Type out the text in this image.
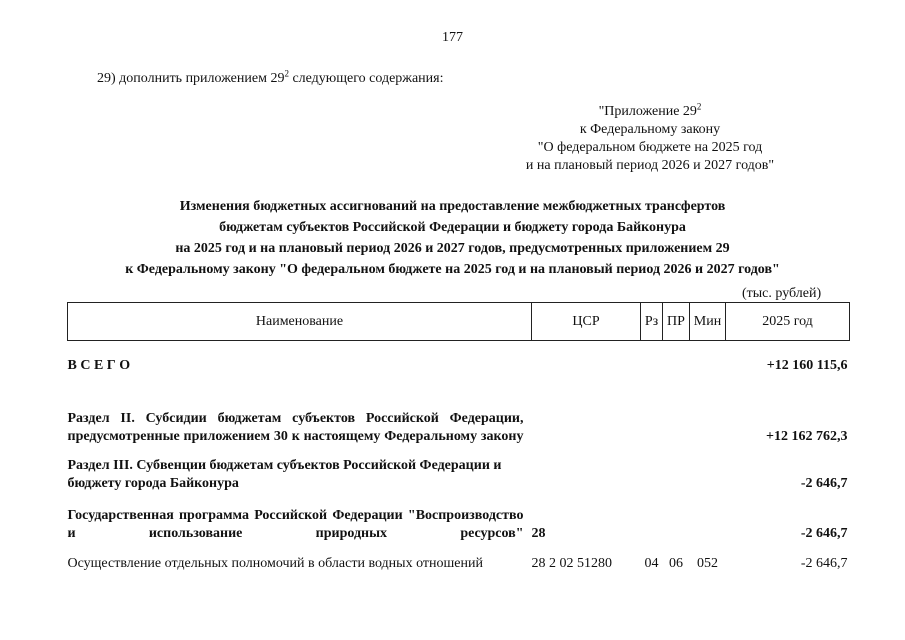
177
29) дополнить приложением $29^2$ следующего содержания:
"Приложение $29^2$
к Федеральному закону
"О федеральном бюджете на 2025 год
и на плановый период 2026 и 2027 годов"
Изменения бюджетных ассигнований на предоставление межбюджетных трансфертов
бюджетам субъектов Российской Федерации и бюджету города Байконура
на 2025 год и на плановый период 2026 и 2027 годов, предусмотренных приложением 29
к Федеральному закону "О федеральном бюджете на 2025 год и на плановый период 2026 и 2027 годов"
(тыс. рублей)
Наименование	ЦСР	Рз	ПР	Мин	2025 год
В С Е Г О					+12 160 115,6
Раздел II. Субсидии бюджетам субъектов Российской Федерации, предусмотренные приложением 30 к настоящему Федеральному закону					+12 162 762,3
Раздел III. Субвенции бюджетам субъектов Российской Федерации и бюджету города Байконура					-2 646,7
Государственная программа Российской Федерации "Воспроизводство и использование природных ресурсов"	28				-2 646,7
Осуществление отдельных полномочий в области водных отношений	28 2 02 51280	04	06	052	-2 646,7
